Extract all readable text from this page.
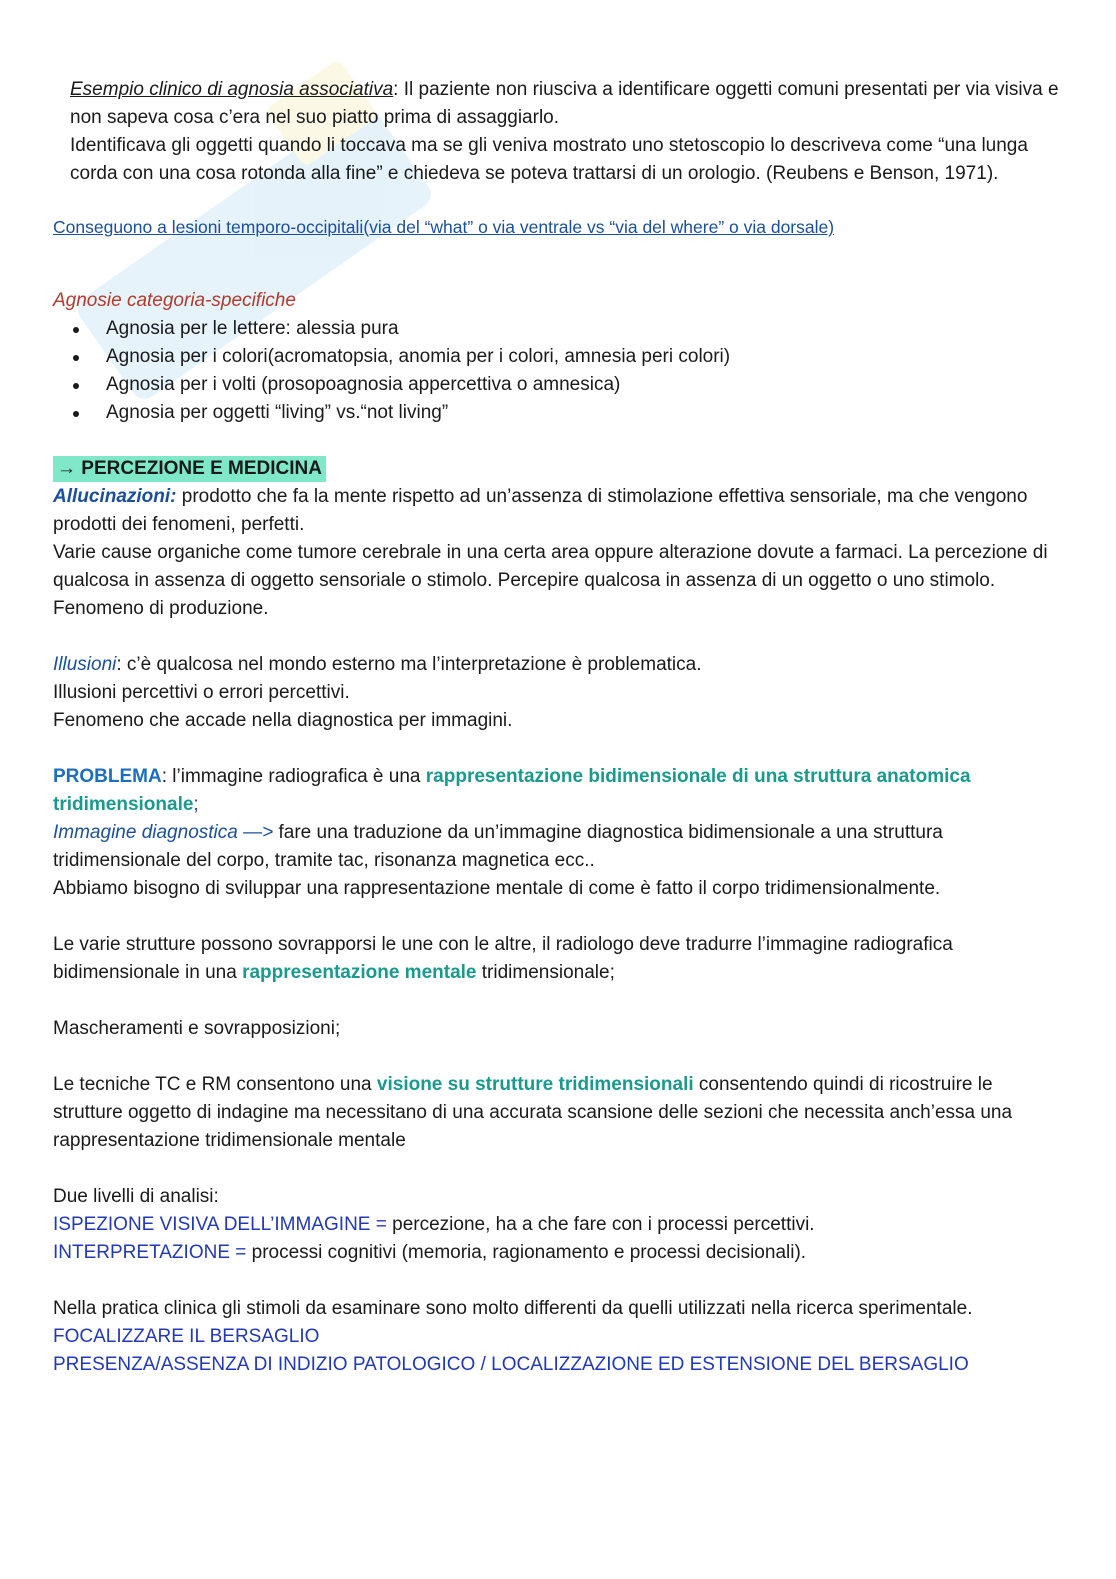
Esempio clinico di agnosia associativa: Il paziente non riusciva a identificare oggetti comuni presentati per via visiva e non sapeva cosa c’era nel suo piatto prima di assaggiarlo.

Identificava gli oggetti quando li toccava ma se gli veniva mostrato uno stetoscopio lo descriveva come “una lunga corda con una cosa rotonda alla fine” e chiedeva se poteva trattarsi di un orologio. (Reubens e Benson, 1971).

Conseguono a lesioni temporo-occipitali(via del “what” o via ventrale vs “via del where” o via dorsale)

Agnosie categoria-specifiche

Agnosia per le lettere: alessia pura
Agnosia per i colori(acromatopsia, anomia per i colori, amnesia peri colori)
Agnosia per i volti (prosopoagnosia appercettiva o amnesica)
Agnosia per oggetti “living” vs.“not living”

→ PERCEZIONE E MEDICINA

Allucinazioni: prodotto che fa la mente rispetto ad un’assenza di stimolazione effettiva sensoriale, ma che vengono prodotti dei fenomeni, perfetti.

Varie cause organiche come tumore cerebrale in una certa area oppure alterazione dovute a farmaci. La percezione di qualcosa in assenza di oggetto sensoriale o stimolo. Percepire qualcosa in assenza di un oggetto o uno stimolo. Fenomeno di produzione.

Illusioni: c’è qualcosa nel mondo esterno ma l’interpretazione è problematica.

Illusioni percettivi o errori percettivi.

Fenomeno che accade nella diagnostica per immagini.

PROBLEMA: l’immagine radiografica è una rappresentazione bidimensionale di una struttura anatomica tridimensionale;

Immagine diagnostica —> fare una traduzione da un’immagine diagnostica bidimensionale a una struttura tridimensionale del corpo, tramite tac, risonanza magnetica ecc..

Abbiamo bisogno di sviluppar una rappresentazione mentale di come è fatto il corpo tridimensionalmente.

Le varie strutture possono sovrapporsi le une con le altre, il radiologo deve tradurre l’immagine radiografica bidimensionale in una rappresentazione mentale tridimensionale;

Mascheramenti e sovrapposizioni;

Le tecniche TC e RM consentono una visione su strutture tridimensionali consentendo quindi di ricostruire le strutture oggetto di indagine ma necessitano di una accurata scansione delle sezioni che necessita anch’essa una rappresentazione tridimensionale mentale

Due livelli di analisi:

ISPEZIONE VISIVA DELL’IMMAGINE = percezione, ha a che fare con i processi percettivi.

INTERPRETAZIONE = processi cognitivi (memoria, ragionamento e processi decisionali).

Nella pratica clinica gli stimoli da esaminare sono molto differenti da quelli utilizzati nella ricerca sperimentale.

FOCALIZZARE IL BERSAGLIO

PRESENZA/ASSENZA DI INDIZIO PATOLOGICO / LOCALIZZAZIONE ED ESTENSIONE DEL BERSAGLIO
